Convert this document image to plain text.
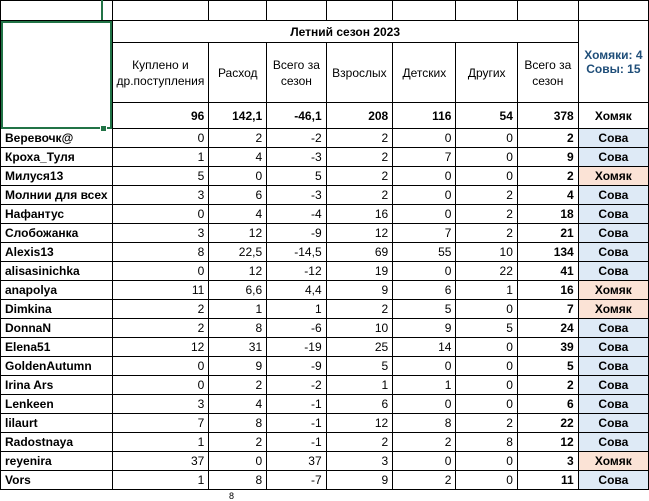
	Летний сезон 2023							Хомяки: 4
Совы: 15

	Куплено и др.поступления	Расход	Всего за сезон	Взрослых	Детских	Других	Всего за сезон	
	96	142,1	-46,1	208	116	54	378	Хомяк
Веревочк@	0	2	-2	2	0	0	2	Сова
Кроха_Туля	1	4	-3	2	7	0	9	Сова
Милуся13	5	0	5	2	0	0	2	Хомяк
Молнии для всех	3	6	-3	2	0	2	4	Сова
Нафантус	0	4	-4	16	0	2	18	Сова
Слобожанка	3	12	-9	12	7	2	21	Сова
Alexis13	8	22,5	-14,5	69	55	10	134	Сова
alisasinichka	0	12	-12	19	0	22	41	Сова
anapolya	11	6,6	4,4	9	6	1	16	Хомяк
Dimkina	2	1	1	2	5	0	7	Хомяк
DonnaN	2	8	-6	10	9	5	24	Сова
Elena51	12	31	-19	25	14	0	39	Сова
GoldenAutumn	0	9	-9	5	0	0	5	Сова
Irina Ars	0	2	-2	1	1	0	2	Сова
Lenkeen	3	4	-1	6	0	0	6	Сова
lilaurt	7	8	-1	12	8	2	22	Сова
Radostnaya	1	2	-1	2	2	8	12	Сова
reyenira	37	0	37	3	0	0	3	Хомяк
Vors	1	8	-7	9	2	0	11	Сова
8
